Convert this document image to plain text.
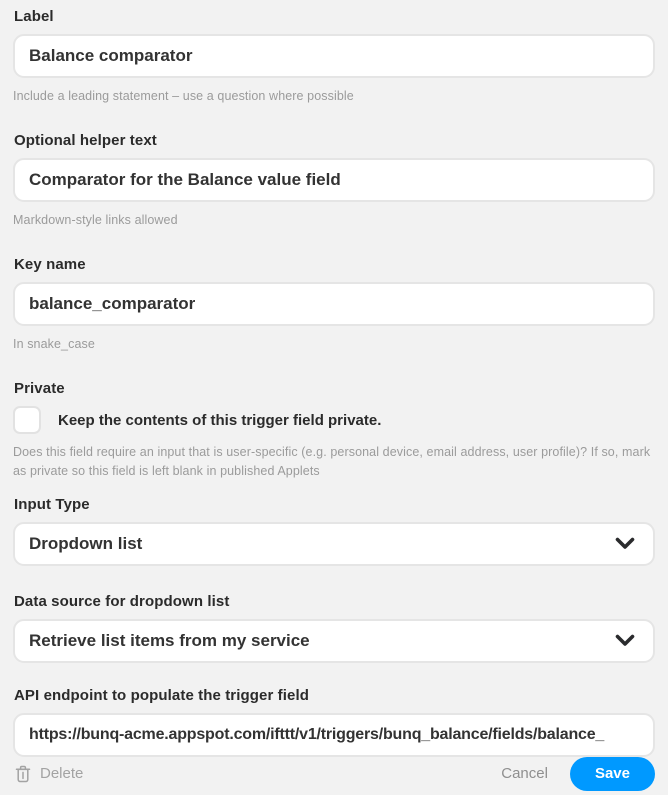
Label
Balance comparator
Include a leading statement – use a question where possible
Optional helper text
Comparator for the Balance value field
Markdown-style links allowed
Key name
balance_comparator
In snake_case
Private
Keep the contents of this trigger field private.
Does this field require an input that is user-specific (e.g. personal device, email address, user profile)? If so, mark as private so this field is left blank in published Applets
Input Type
Dropdown list
Data source for dropdown list
Retrieve list items from my service
API endpoint to populate the trigger field
https://bunq-acme.appspot.com/ifttt/v1/triggers/bunq_balance/fields/balance_
Delete	Cancel	Save
